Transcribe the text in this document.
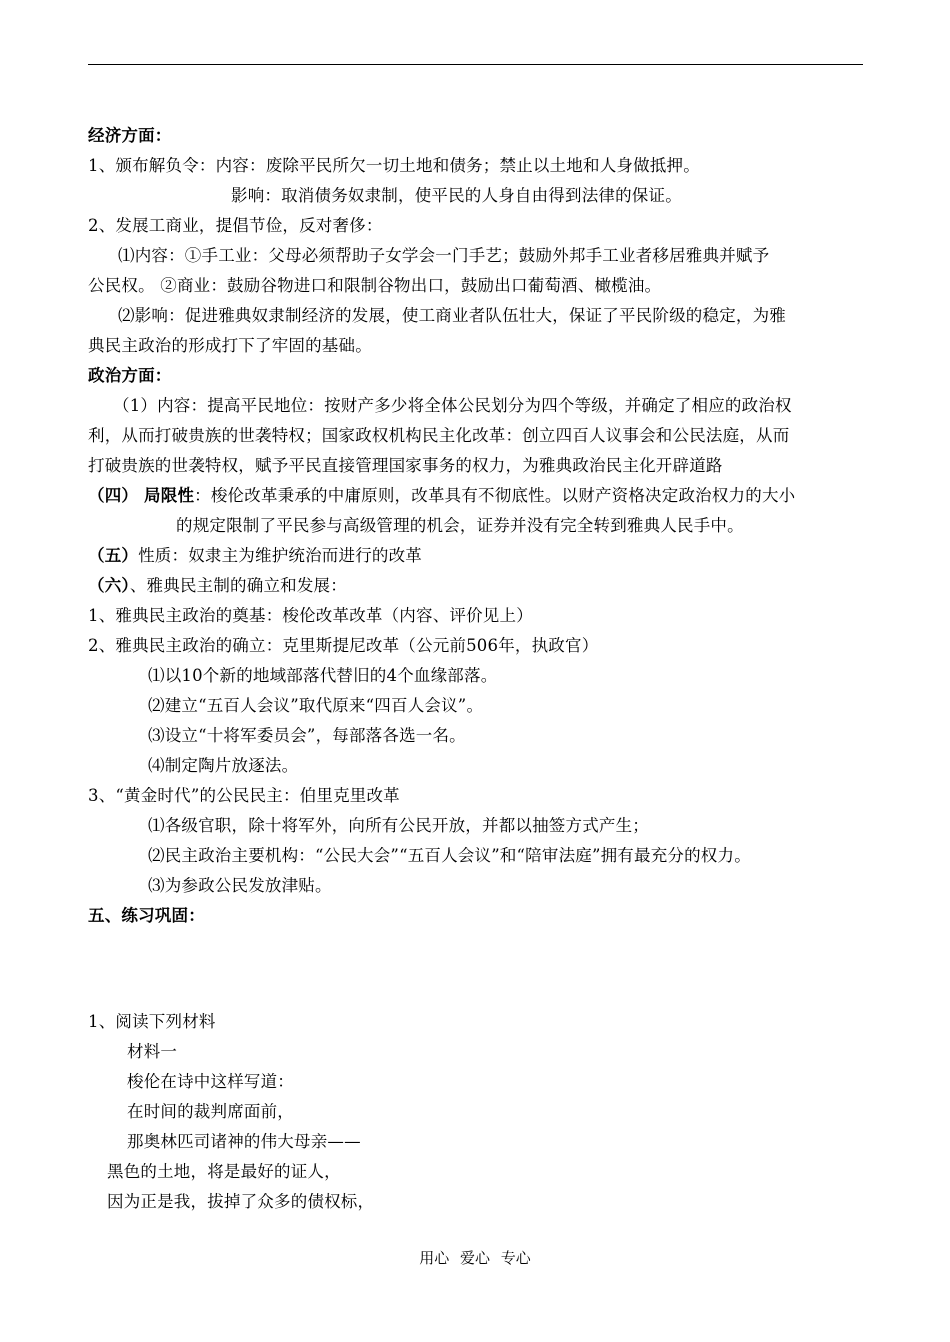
经济方面：
1、颁布解负令：内容：废除平民所欠一切土地和债务；禁止以土地和人身做抵押。
影响：取消债务奴隶制，使平民的人身自由得到法律的保证。
2、发展工商业，提倡节俭，反对奢侈：
⑴内容：①手工业：父母必须帮助子女学会一门手艺；鼓励外邦手工业者移居雅典并赋予
公民权。 ②商业：鼓励谷物进口和限制谷物出口，鼓励出口葡萄酒、橄榄油。
⑵影响：促进雅典奴隶制经济的发展，使工商业者队伍壮大，保证了平民阶级的稳定，为雅
典民主政治的形成打下了牢固的基础。
政治方面：
（1）内容：提高平民地位：按财产多少将全体公民划分为四个等级，并确定了相应的政治权
利，从而打破贵族的世袭特权；国家政权机构民主化改革：创立四百人议事会和公民法庭，从而
打破贵族的世袭特权，赋予平民直接管理国家事务的权力，为雅典政治民主化开辟道路
（四） 局限性：梭伦改革秉承的中庸原则，改革具有不彻底性。以财产资格决定政治权力的大小
的规定限制了平民参与高级管理的机会，证券并没有完全转到雅典人民手中。
（五）性质：奴隶主为维护统治而进行的改革
（六）、雅典民主制的确立和发展：
1、雅典民主政治的奠基：梭伦改革改革（内容、评价见上）
2、雅典民主政治的确立：克里斯提尼改革（公元前506年，执政官）
⑴以10个新的地域部落代替旧的4个血缘部落。
⑵建立“五百人会议”取代原来“四百人会议”。
⑶设立“十将军委员会”，每部落各选一名。
⑷制定陶片放逐法。
3、“黄金时代”的公民民主：伯里克里改革
⑴各级官职，除十将军外，向所有公民开放，并都以抽签方式产生；
⑵民主政治主要机构：“公民大会”“五百人会议”和“陪审法庭”拥有最充分的权力。
⑶为参政公民发放津贴。
五、练习巩固：
1、阅读下列材料
材料一
梭伦在诗中这样写道：
在时间的裁判席面前，
那奥林匹司诸神的伟大母亲——
黑色的土地，将是最好的证人，
因为正是我，拔掉了众多的债权标，
用心 爱心 专心
